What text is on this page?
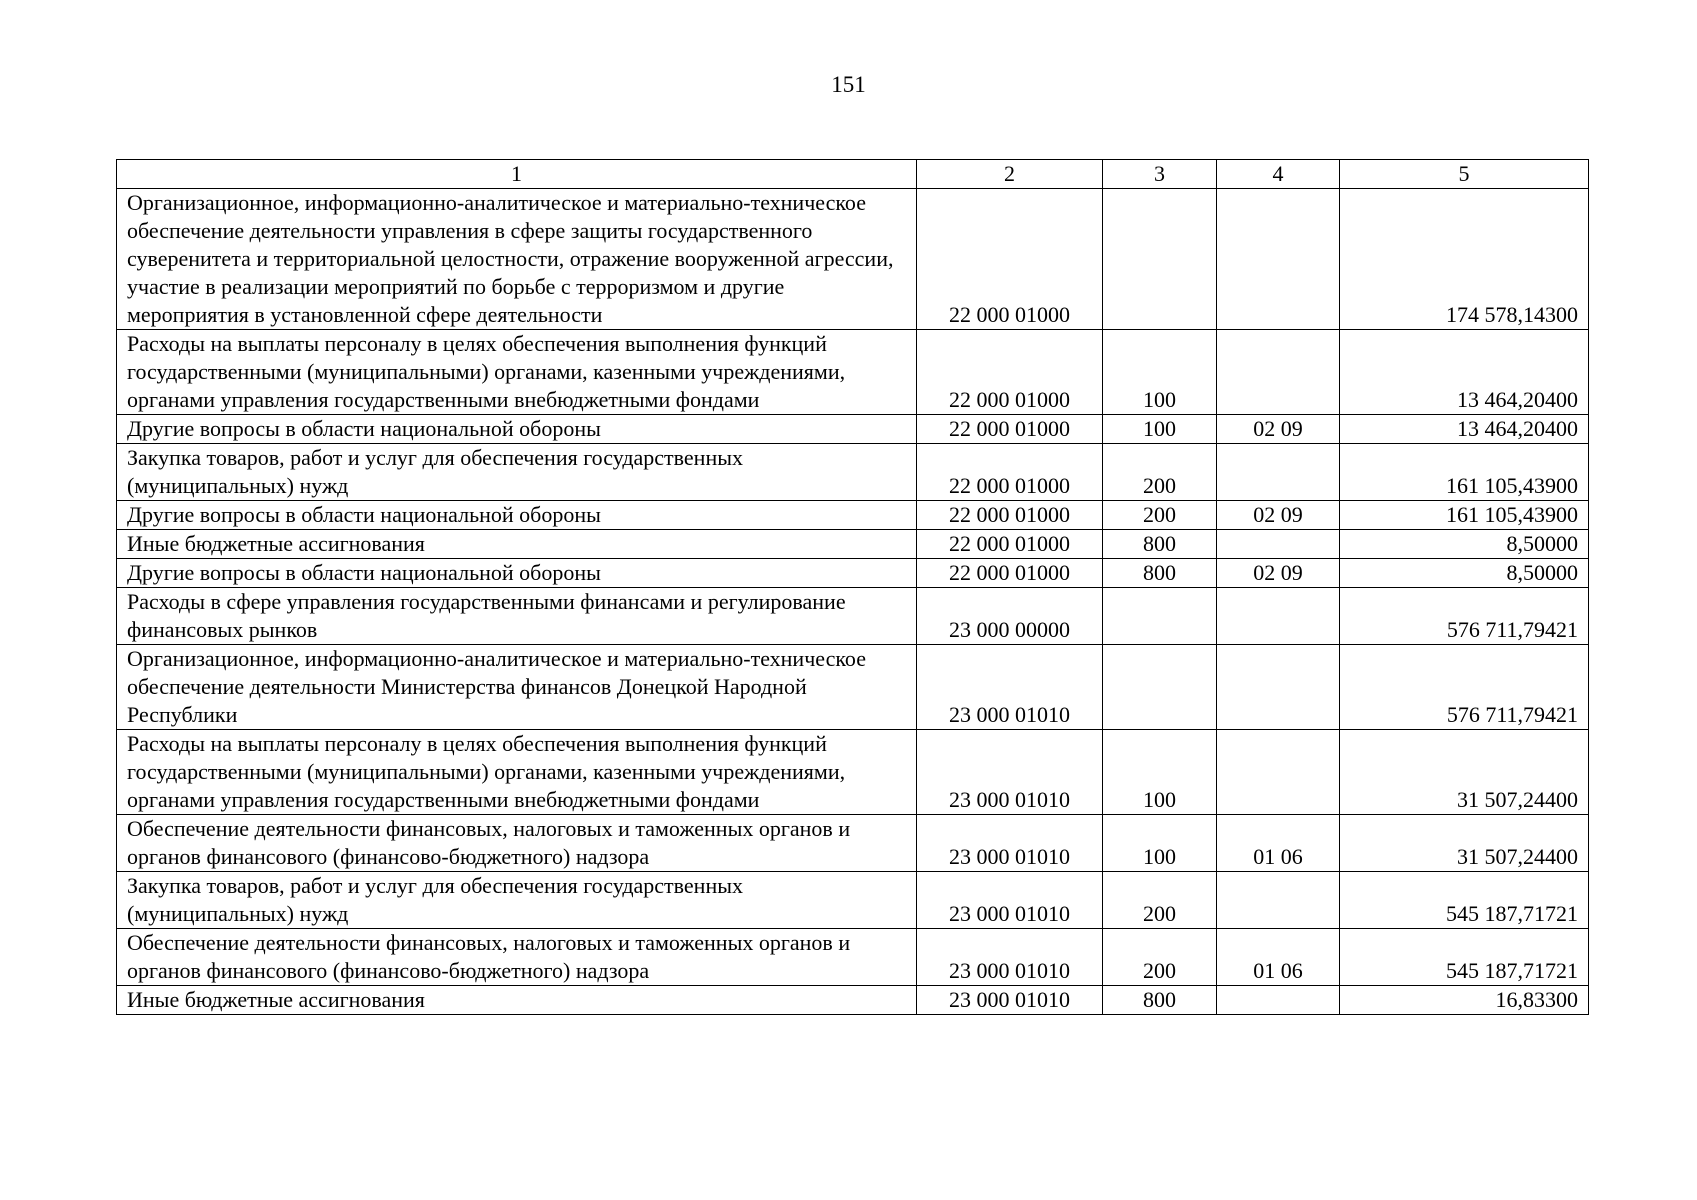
151
1	2	3	4	5
Организационное, информационно-аналитическое и материально-техническое обеспечение деятельности управления в сфере защиты государственного суверенитета и территориальной целостности, отражение вооруженной агрессии, участие в реализации мероприятий по борьбе с терроризмом и другие мероприятия в установленной сфере деятельности	22 000 01000			174 578,14300
Расходы на выплаты персоналу в целях обеспечения выполнения функций государственными (муниципальными) органами, казенными учреждениями, органами управления государственными внебюджетными фондами	22 000 01000	100		13 464,20400
Другие вопросы в области национальной обороны	22 000 01000	100	02 09	13 464,20400
Закупка товаров, работ и услуг для обеспечения государственных (муниципальных) нужд	22 000 01000	200		161 105,43900
Другие вопросы в области национальной обороны	22 000 01000	200	02 09	161 105,43900
Иные бюджетные ассигнования	22 000 01000	800		8,50000
Другие вопросы в области национальной обороны	22 000 01000	800	02 09	8,50000
Расходы в сфере управления государственными финансами и регулирование финансовых рынков	23 000 00000			576 711,79421
Организационное, информационно-аналитическое и материально-техническое обеспечение деятельности Министерства финансов Донецкой Народной Республики	23 000 01010			576 711,79421
Расходы на выплаты персоналу в целях обеспечения выполнения функций государственными (муниципальными) органами, казенными учреждениями, органами управления государственными внебюджетными фондами	23 000 01010	100		31 507,24400
Обеспечение деятельности финансовых, налоговых и таможенных органов и органов финансового (финансово-бюджетного) надзора	23 000 01010	100	01 06	31 507,24400
Закупка товаров, работ и услуг для обеспечения государственных (муниципальных) нужд	23 000 01010	200		545 187,71721
Обеспечение деятельности финансовых, налоговых и таможенных органов и органов финансового (финансово-бюджетного) надзора	23 000 01010	200	01 06	545 187,71721
Иные бюджетные ассигнования	23 000 01010	800		16,83300
